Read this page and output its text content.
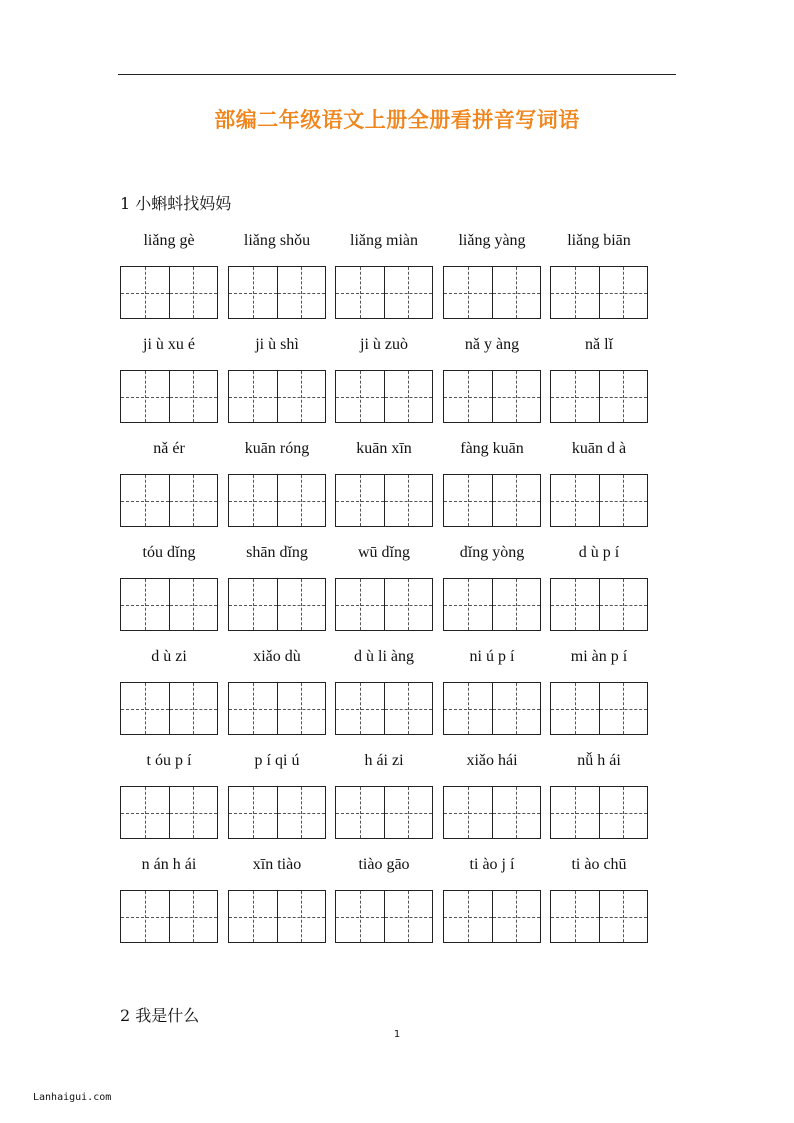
部编二年级语文上册全册看拼音写词语
1 小蝌蚪找妈妈
liǎng gè	liǎng shǒu	liǎng miàn	liǎng yàng	liǎng biān
ji ù xu é	ji ù shì	ji ù zuò	nǎ y àng	nǎ lǐ
nǎ ér	kuān róng	kuān xīn	fàng kuān	kuān d à
tóu dǐng	shān dǐng	wū dǐng	dǐng yòng	d ù p í
d ù zi	xiǎo dù	d ù li àng	ni ú p í	mi àn p í
t óu p í	p í qi ú	h ái zi	xiǎo hái	nǚ h ái
n án h ái	xīn tiào	tiào gāo	ti ào j í	ti ào chū
2 我是什么
1
Lanhaigui.com
